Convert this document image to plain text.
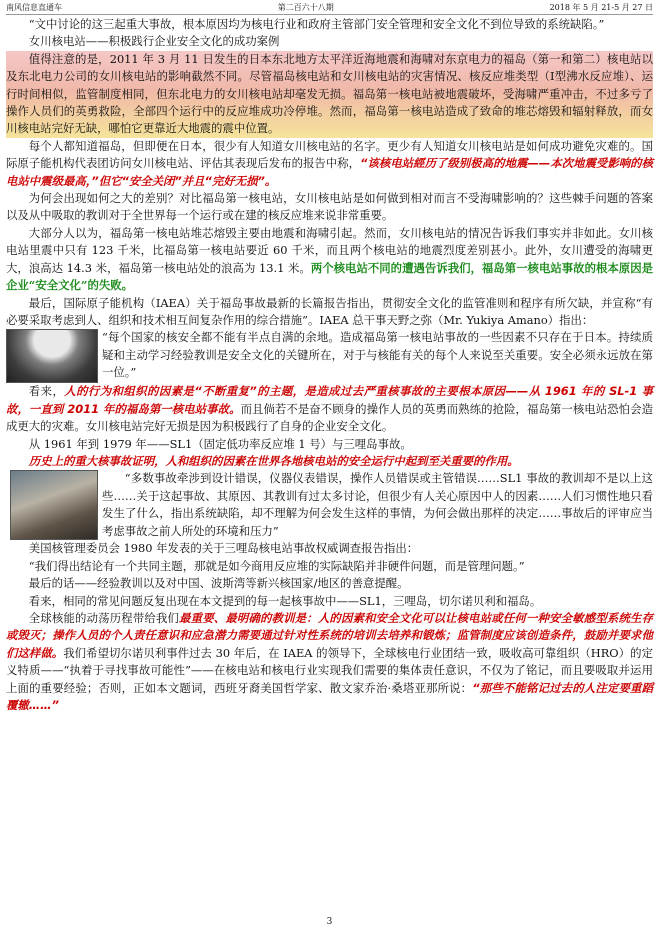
南风信息直通车	第二百六十八期	2018 年 5 月 21-5 月 27 日

“文中讨论的这三起重大事故，根本原因均为核电行业和政府主管部门安全管理和安全文化不到位导致的系统缺陷。”

女川核电站——积极践行企业安全文化的成功案例

值得注意的是，2011 年 3 月 11 日发生的日本东北地方太平洋近海地震和海啸对东京电力的福岛（第一和第二）核电站以及东北电力公司的女川核电站的影响截然不同。尽管福岛核电站和女川核电站的灾害情况、核反应堆类型（Ⅰ型沸水反应堆）、运行时间相似，监管制度相同，但东北电力的女川核电站却毫发无损。福岛第一核电站被地震破坏，受海啸严重冲击，不过多亏了操作人员们的英勇救险，全部四个运行中的反应堆成功冷停堆。然而，福岛第一核电站造成了致命的堆芯熔毁和辐射释放，而女川核电站完好无缺，哪怕它更靠近大地震的震中位置。

每个人都知道福岛，但即便在日本，很少有人知道女川核电站的名字。更少有人知道女川核电站是如何成功避免灾难的。国际原子能机构代表团访问女川核电站、评估其表现后发布的报告中称，“该核电站經历了级别极高的地震——本次地震受影响的核电站中震级最高，”但它“安全关闭”并且“完好无损”。

为何会出现如何之大的差别？对比福岛第一核电站，女川核电站是如何做到相对而言不受海啸影响的？这些棘手问题的答案以及从中吸取的教训对于全世界每一个运行或在建的核反应堆来说非常重要。

大部分人以为，福岛第一核电站堆芯熔毁主要由地震和海啸引起。然而，女川核电站的情况告诉我们事实并非如此。女川核电站里震中只有 123 千米，比福岛第一核电站要近 60 千米，而且两个核电站的地震烈度差别甚小。此外，女川遭受的海啸更大，浪高达 14.3 米，福岛第一核电站处的浪高为 13.1 米。两个核电站不同的遭遇告诉我们，福岛第一核电站事故的根本原因是企业“安全文化”的失败。

最后，国际原子能机构（IAEA）关于福岛事故最新的长篇报告指出，贯彻安全文化的监管准则和程序有所欠缺，并宣称“有必要采取考虑到人、组织和技术相互间复杂作用的综合措施”。IAEA 总干事天野之弥（Mr. Yukiya Amano）指出：

“每个国家的核安全都不能有半点自满的余地。造成福岛第一核电站事故的一些因素不只存在于日本。持续质疑和主动学习经验教训是安全文化的关键所在，对于与核能有关的每个人来说至关重要。安全必须永远放在第一位。”

看来，人的行为和组织的因素是“不断重复”的主题，是造成过去严重核事故的主要根本原因——从 1961 年的 SL-1 事故，一直到 2011 年的福岛第一核电站事故。而且倘若不是奋不顾身的操作人员的英勇而熟练的抢险，福岛第一核电站恐怕会造成更大的灾难。女川核电站完好无损是因为积极践行了自身的企业安全文化。

从 1961 年到 1979 年——SL1（固定低功率反应堆 1 号）与三哩岛事故。

历史上的重大核事故证明，人和组织的因素在世界各地核电站的安全运行中起到至关重要的作用。

“多数事故牵涉到设计错误，仪器仪表错误，操作人员错误或主管错误……SL1 事故的教训却不是以上这些……关于这起事故、其原因、其教训有过太多讨论，但很少有人关心原因中人的因素……人们习惯性地只看发生了什么，指出系统缺陷，却不理解为何会发生这样的事情，为何会做出那样的决定……事故后的评审应当考虑事故之前人所处的环境和压力”

美国核管理委员会 1980 年发表的关于三哩岛核电站事故权威调查报告指出：

“我们得出结论有一个共同主题，那就是如今商用反应堆的实际缺陷并非硬件问题，而是管理问题。”

最后的话——经验教训以及对中国、波斯湾等新兴核国家/地区的善意提醒。

看来，相同的常见问题反复出现在本文提到的每一起核事故中——SL1，三哩岛，切尔诺贝利和福岛。

全球核能的动荡历程带给我们最重要、最明确的教训是：人的因素和安全文化可以让核电站或任何一种安全敏感型系统生存或毁灭；操作人员的个人责任意识和应急潜力需要通过针对性系统的培训去培养和锻炼；监管制度应该创造条件，鼓励并要求他们这样做。我们希望切尔诺贝利事件过去 30 年后，在 IAEA 的领导下，全球核电行业团结一致，吸收高可靠组织（HRO）的定义特质——“执着于寻找事故可能性”——在核电站和核电行业实现我们需要的集体责任意识，不仅为了铭记，而且要吸取并运用上面的重要经验；否则，正如本文题词，西班牙裔美国哲学家、散文家乔治·桑塔亚那所说：“那些不能铭记过去的人注定要重蹈覆辙……”

3
